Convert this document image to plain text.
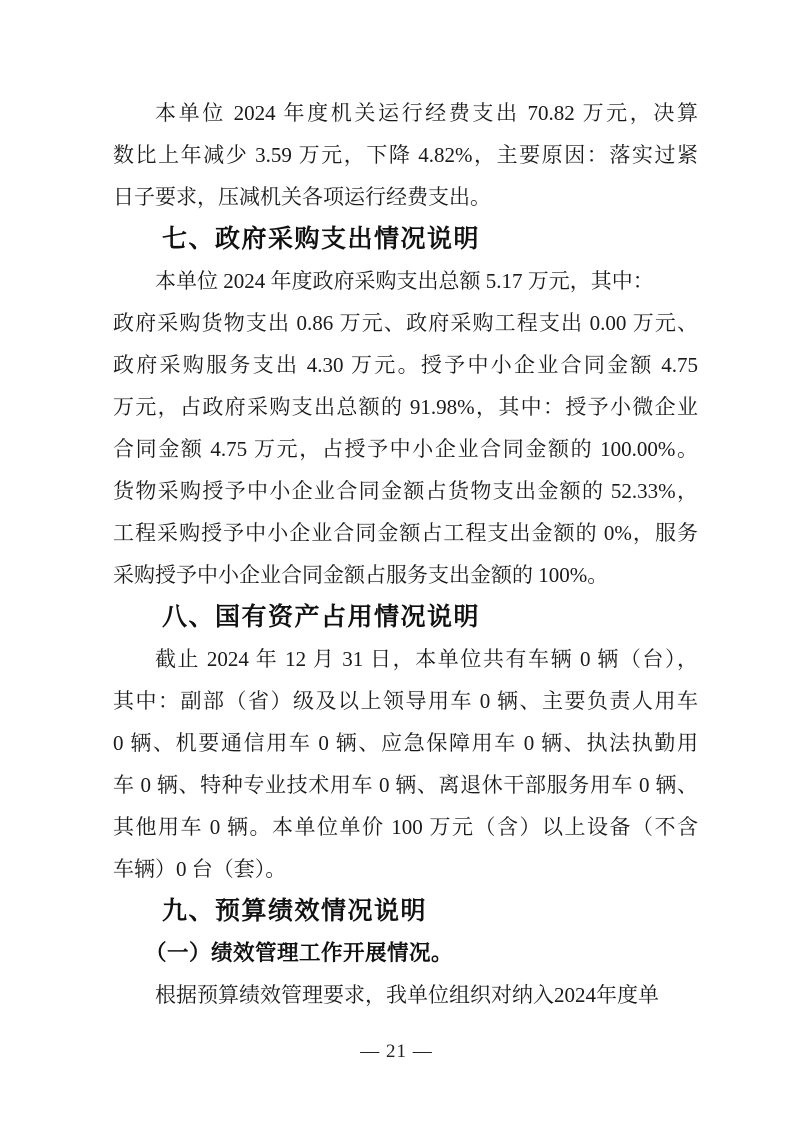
本单位 2024 年度机关运行经费支出 70.82 万元，决算
数比上年减少 3.59 万元，下降 4.82%，主要原因：落实过紧
日子要求，压减机关各项运行经费支出。
七、政府采购支出情况说明
本单位 2024 年度政府采购支出总额 5.17 万元，其中：
政府采购货物支出 0.86 万元、政府采购工程支出 0.00 万元、
政府采购服务支出 4.30 万元。授予中小企业合同金额 4.75
万元，占政府采购支出总额的 91.98%，其中：授予小微企业
合同金额 4.75 万元，占授予中小企业合同金额的 100.00%。
货物采购授予中小企业合同金额占货物支出金额的 52.33%，
工程采购授予中小企业合同金额占工程支出金额的 0%，服务
采购授予中小企业合同金额占服务支出金额的 100%。
八、国有资产占用情况说明
截止 2024 年 12 月 31 日，本单位共有车辆 0 辆（台），
其中：副部（省）级及以上领导用车 0 辆、主要负责人用车
0 辆、机要通信用车 0 辆、应急保障用车 0 辆、执法执勤用
车 0 辆、特种专业技术用车 0 辆、离退休干部服务用车 0 辆、
其他用车 0 辆。本单位单价 100 万元（含）以上设备（不含
车辆）0 台（套）。
九、预算绩效情况说明
（一）绩效管理工作开展情况。
根据预算绩效管理要求，我单位组织对纳入2024年度单
— 21 —
